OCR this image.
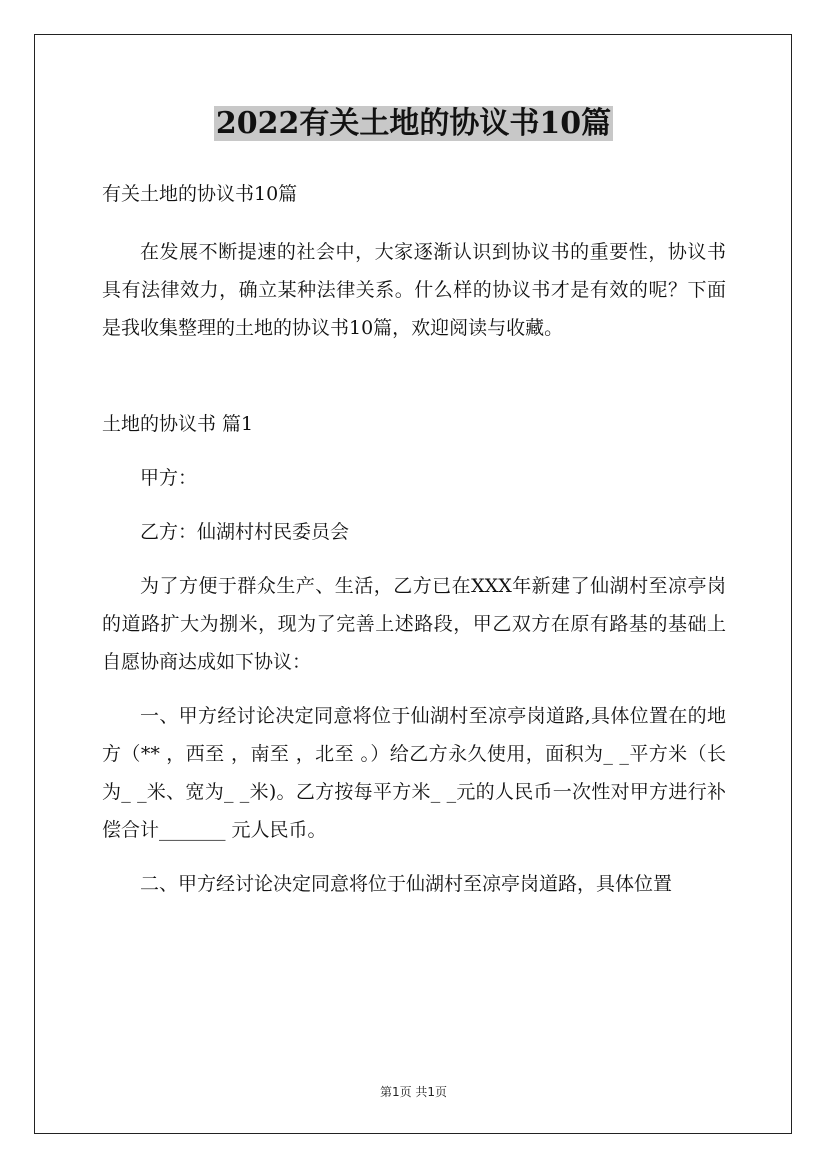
2022有关土地的协议书10篇

有关土地的协议书10篇

在发展不断提速的社会中，大家逐渐认识到协议书的重要性，协议书具有法律效力，确立某种法律关系。什么样的协议书才是有效的呢？下面是我收集整理的土地的协议书10篇，欢迎阅读与收藏。

土地的协议书 篇1

甲方：

乙方：仙湖村村民委员会

为了方便于群众生产、生活，乙方已在XXX年新建了仙湖村至凉亭岗的道路扩大为捌米，现为了完善上述路段，甲乙双方在原有路基的基础上自愿协商达成如下协议：

一、甲方经讨论决定同意将位于仙湖村至凉亭岗道路,具体位置在的地方（** ，西至 ，南至 ，北至 。）给乙方永久使用，面积为_ _平方米（长为_ _米、宽为_ _米)。乙方按每平方米_ _元的人民币一次性对甲方进行补偿合计_______ 元人民币。

二、甲方经讨论决定同意将位于仙湖村至凉亭岗道路，具体位置

第1页 共1页
